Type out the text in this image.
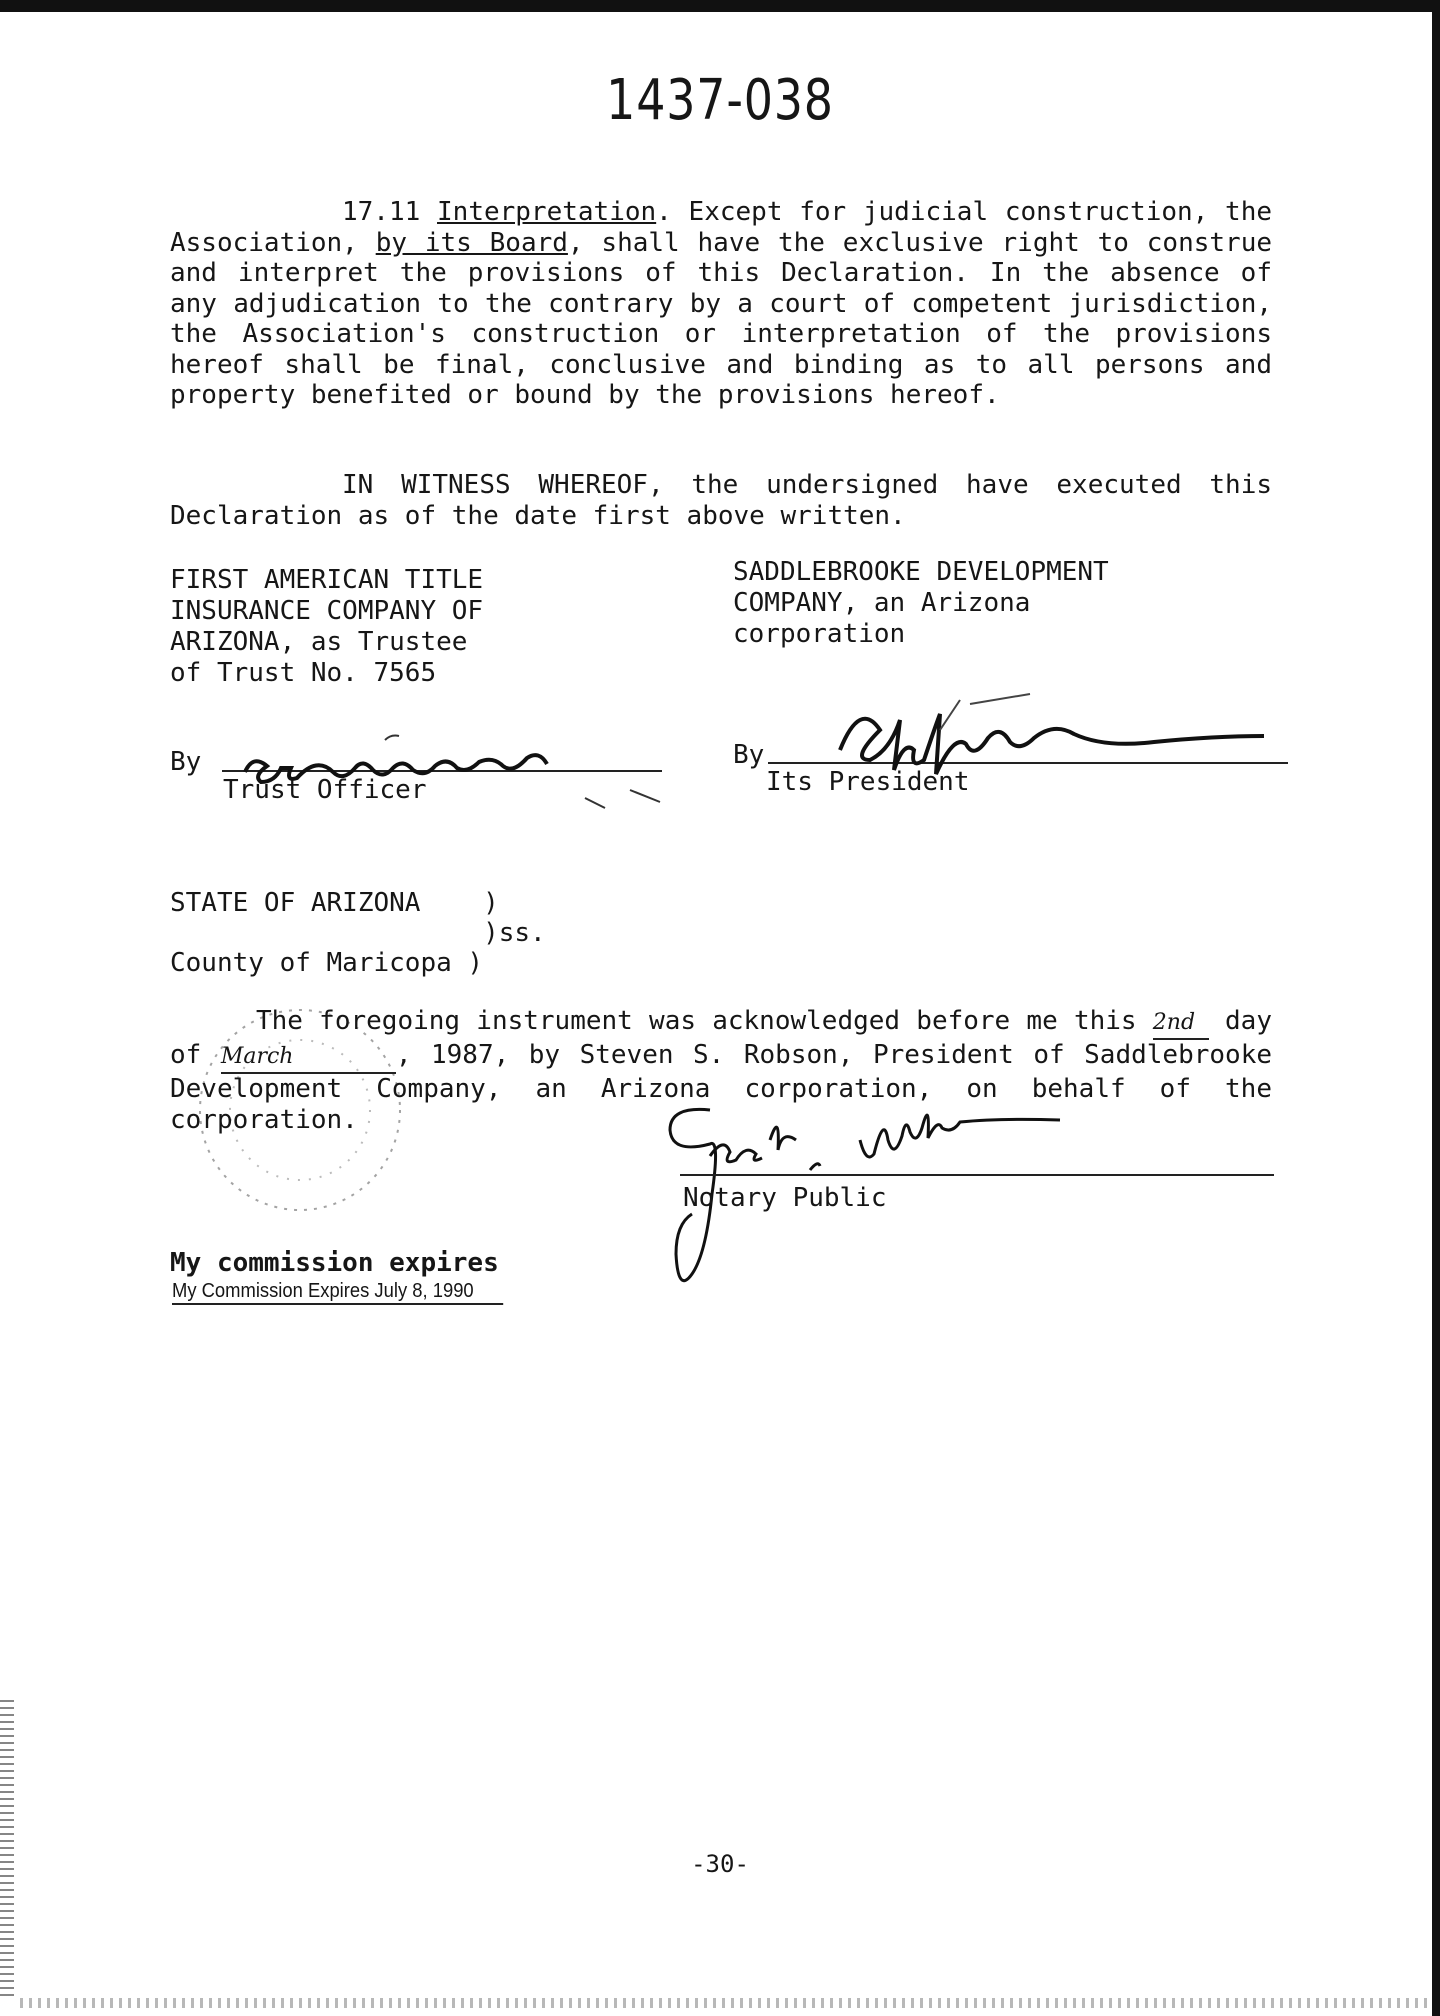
1437-038

17.11 Interpretation. Except for judicial construction, the Association, by its Board, shall have the exclusive right to construe and interpret the provisions of this Declaration. In the absence of any adjudication to the contrary by a court of competent jurisdiction, the Association's construction or interpretation of the provisions hereof shall be final, conclusive and binding as to all persons and property benefited or bound by the provisions hereof.

IN WITNESS WHEREOF, the undersigned have executed this Declaration as of the date first above written.

FIRST AMERICAN TITLE
INSURANCE COMPANY OF
ARIZONA, as Trustee
of Trust No. 7565
SADDLEBROOKE DEVELOPMENT
COMPANY, an Arizona
corporation
By
Trust Officer
By
Its President
STATE OF ARIZONA )
)ss.
County of Maricopa )

The foregoing instrument was acknowledged before me this 2nd day of March	, 1987, by Steven S. Robson, President of Saddlebrooke Development Company, an Arizona corporation, on behalf of the corporation.

Notary Public
My commission expires
My Commission Expires July 8, 1990
-30-
